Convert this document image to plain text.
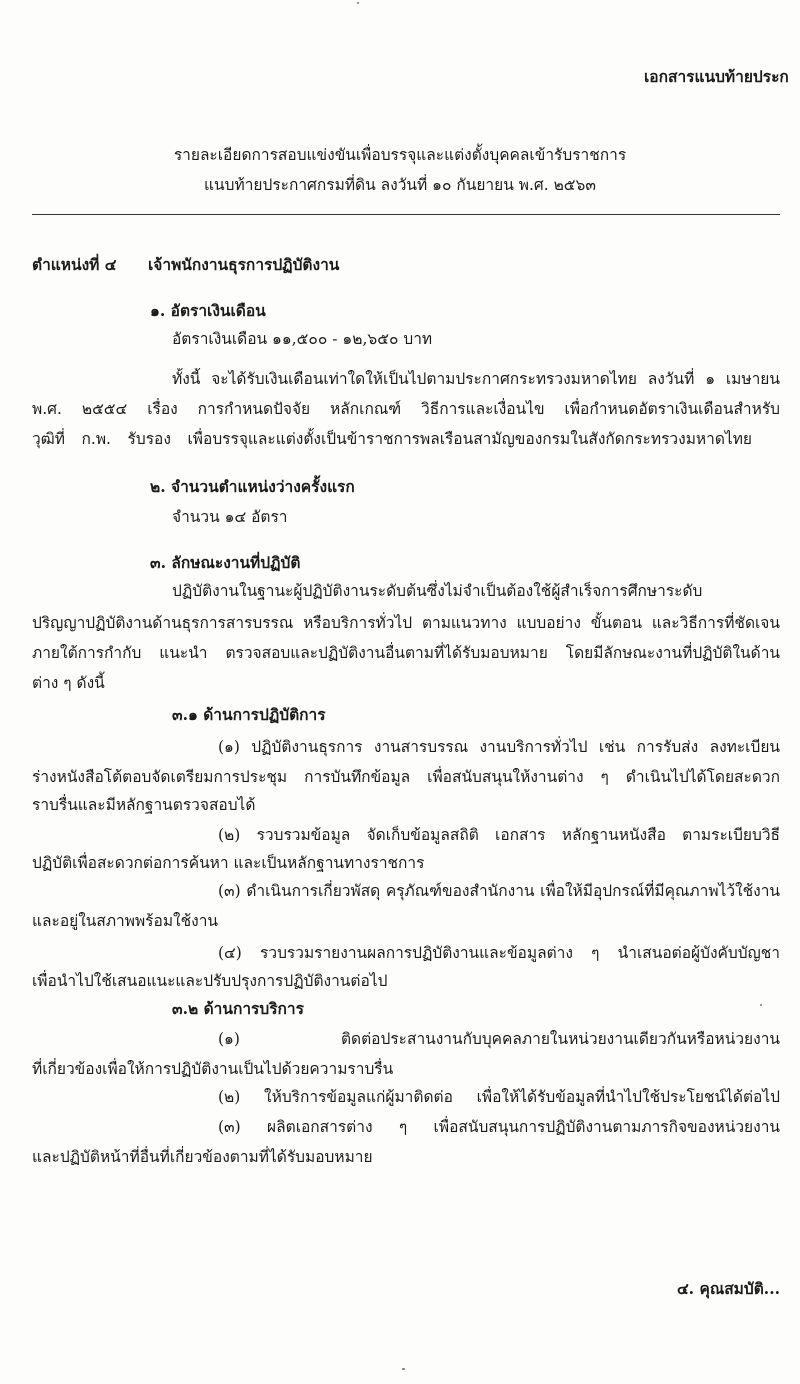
เอกสารแนบท้ายประก
รายละเอียดการสอบแข่งขันเพื่อบรรจุและแต่งตั้งบุคคลเข้ารับราชการ
แนบท้ายประกาศกรมที่ดิน ลงวันที่ ๑๐ กันยายน พ.ศ. ๒๕๖๓
ตำแหน่งที่ ๔ เจ้าพนักงานธุรการปฏิบัติงาน
๑. อัตราเงินเดือน
อัตราเงินเดือน ๑๑,๕๐๐ - ๑๒,๖๕๐ บาท
ทั้งนี้ จะได้รับเงินเดือนเท่าใดให้เป็นไปตามประกาศกระทรวงมหาดไทย ลงวันที่ ๑ เมษายน
พ.ศ. ๒๕๕๔ เรื่อง การกำหนดปัจจัย หลักเกณฑ์ วิธีการและเงื่อนไข เพื่อกำหนดอัตราเงินเดือนสำหรับ
วุฒิที่ ก.พ. รับรอง เพื่อบรรจุและแต่งตั้งเป็นข้าราชการพลเรือนสามัญของกรมในสังกัดกระทรวงมหาดไทย
๒. จำนวนตำแหน่งว่างครั้งแรก
จำนวน ๑๔ อัตรา
๓. ลักษณะงานที่ปฏิบัติ
ปฏิบัติงานในฐานะผู้ปฏิบัติงานระดับต้นซึ่งไม่จำเป็นต้องใช้ผู้สำเร็จการศึกษาระดับ
ปริญญาปฏิบัติงานด้านธุรการสารบรรณ หรือบริการทั่วไป ตามแนวทาง แบบอย่าง ขั้นตอน และวิธีการที่ชัดเจน
ภายใต้การกำกับ แนะนำ ตรวจสอบและปฏิบัติงานอื่นตามที่ได้รับมอบหมาย โดยมีลักษณะงานที่ปฏิบัติในด้าน
ต่าง ๆ ดังนี้
๓.๑ ด้านการปฏิบัติการ
(๑) ปฏิบัติงานธุรการ งานสารบรรณ งานบริการทั่วไป เช่น การรับส่ง ลงทะเบียน
ร่างหนังสือโต้ตอบจัดเตรียมการประชุม การบันทึกข้อมูล เพื่อสนับสนุนให้งานต่าง ๆ ดำเนินไปได้โดยสะดวก
ราบรื่นและมีหลักฐานตรวจสอบได้
(๒) รวบรวมข้อมูล จัดเก็บข้อมูลสถิติ เอกสาร หลักฐานหนังสือ ตามระเบียบวิธี
ปฏิบัติเพื่อสะดวกต่อการค้นหา และเป็นหลักฐานทางราชการ
(๓) ดำเนินการเกี่ยวพัสดุ ครุภัณฑ์ของสำนักงาน เพื่อให้มีอุปกรณ์ที่มีคุณภาพไว้ใช้งาน
และอยู่ในสภาพพร้อมใช้งาน
(๔) รวบรวมรายงานผลการปฏิบัติงานและข้อมูลต่าง ๆ นำเสนอต่อผู้บังคับบัญชา
เพื่อนำไปใช้เสนอแนะและปรับปรุงการปฏิบัติงานต่อไป
๓.๒ ด้านการบริการ
(๑) ติดต่อประสานงานกับบุคคลภายในหน่วยงานเดียวกันหรือหน่วยงาน
ที่เกี่ยวข้องเพื่อให้การปฏิบัติงานเป็นไปด้วยความราบรื่น
(๒) ให้บริการข้อมูลแก่ผู้มาติดต่อ เพื่อให้ได้รับข้อมูลที่นำไปใช้ประโยชน์ได้ต่อไป
(๓) ผลิตเอกสารต่าง ๆ เพื่อสนับสนุนการปฏิบัติงานตามภารกิจของหน่วยงาน
และปฏิบัติหน้าที่อื่นที่เกี่ยวข้องตามที่ได้รับมอบหมาย
๔. คุณสมบัติ...
